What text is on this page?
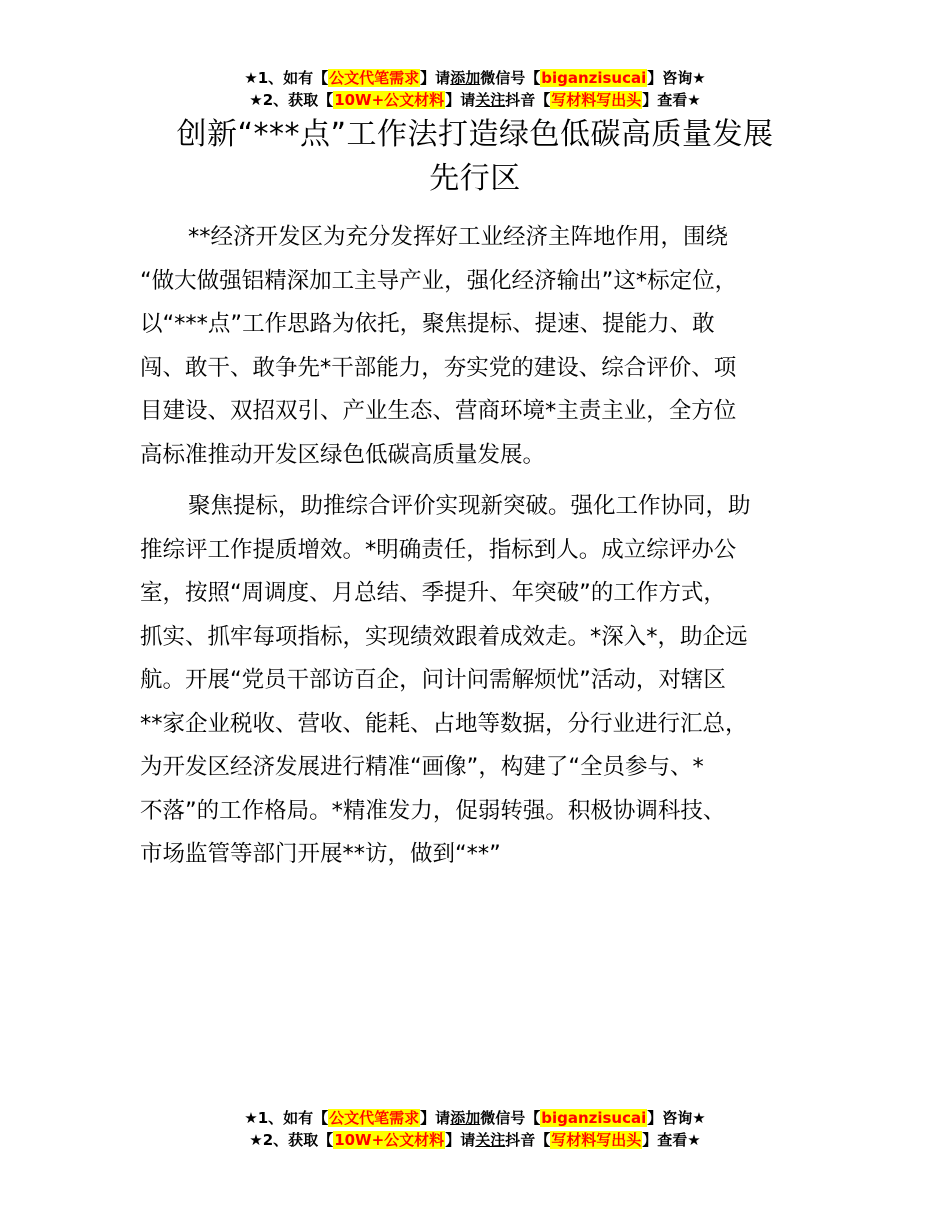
★1、如有【公文代笔需求】请添加微信号【biganzisucai】咨询★
★2、获取【10W+公文材料】请关注抖音【写材料写出头】查看★
创新“***点”工作法打造绿色低碳高质量发展
先行区
**经济开发区为充分发挥好工业经济主阵地作用，围绕
“做大做强铝精深加工主导产业，强化经济输出”这*标定位，
以“***点”工作思路为依托，聚焦提标、提速、提能力、敢
闯、敢干、敢争先*干部能力，夯实党的建设、综合评价、项
目建设、双招双引、产业生态、营商环境*主责主业，全方位
高标准推动开发区绿色低碳高质量发展。
聚焦提标，助推综合评价实现新突破。强化工作协同，助
推综评工作提质增效。*明确责任，指标到人。成立综评办公
室，按照“周调度、月总结、季提升、年突破”的工作方式，
抓实、抓牢每项指标，实现绩效跟着成效走。*深入*，助企远
航。开展“党员干部访百企，问计问需解烦忧”活动，对辖区
**家企业税收、营收、能耗、占地等数据，分行业进行汇总，
为开发区经济发展进行精准“画像”，构建了“全员参与、*
不落”的工作格局。*精准发力，促弱转强。积极协调科技、
市场监管等部门开展**访，做到“**”
★1、如有【公文代笔需求】请添加微信号【biganzisucai】咨询★
★2、获取【10W+公文材料】请关注抖音【写材料写出头】查看★
